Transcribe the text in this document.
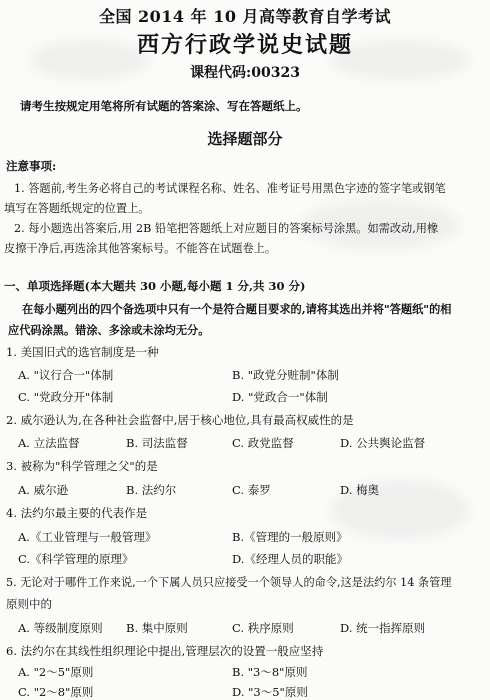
全国 2014 年 10 月高等教育自学考试
西方行政学说史试题
课程代码:00323
请考生按规定用笔将所有试题的答案涂、写在答题纸上。
选择题部分
注意事项:
1. 答题前,考生务必将自己的考试课程名称、姓名、准考证号用黑色字迹的签字笔或钢笔
填写在答题纸规定的位置上。
2. 每小题选出答案后,用 2B 铅笔把答题纸上对应题目的答案标号涂黑。如需改动,用橡
皮擦干净后,再选涂其他答案标号。不能答在试题卷上。
一、单项选择题(本大题共 30 小题,每小题 1 分,共 30 分)
在每小题列出的四个备选项中只有一个是符合题目要求的,请将其选出并将"答题纸"的相
应代码涂黑。错涂、多涂或未涂均无分。
1. 美国旧式的选官制度是一种
A. "议行合一"体制	B. "政党分赃制"体制
C. "党政分开"体制	D. "党政合一"体制
2. 威尔逊认为,在各种社会监督中,居于核心地位,具有最高权威性的是
A. 立法监督	B. 司法监督	C. 政党监督	D. 公共舆论监督
3. 被称为"科学管理之父"的是
A. 威尔逊	B. 法约尔	C. 泰罗	D. 梅奥
4. 法约尔最主要的代表作是
A.《工业管理与一般管理》	B.《管理的一般原则》
C.《科学管理的原理》	D.《经理人员的职能》
5. 无论对于哪件工作来说,一个下属人员只应接受一个领导人的命令,这是法约尔 14 条管理
原则中的
A. 等级制度原则 B. 集中原则	C. 秩序原则	D. 统一指挥原则
6. 法约尔在其线性组织理论中提出,管理层次的设置一般应坚持
A. "2～5"原则	B. "3～8"原则
C. "2～8"原则	D. "3～5"原则
